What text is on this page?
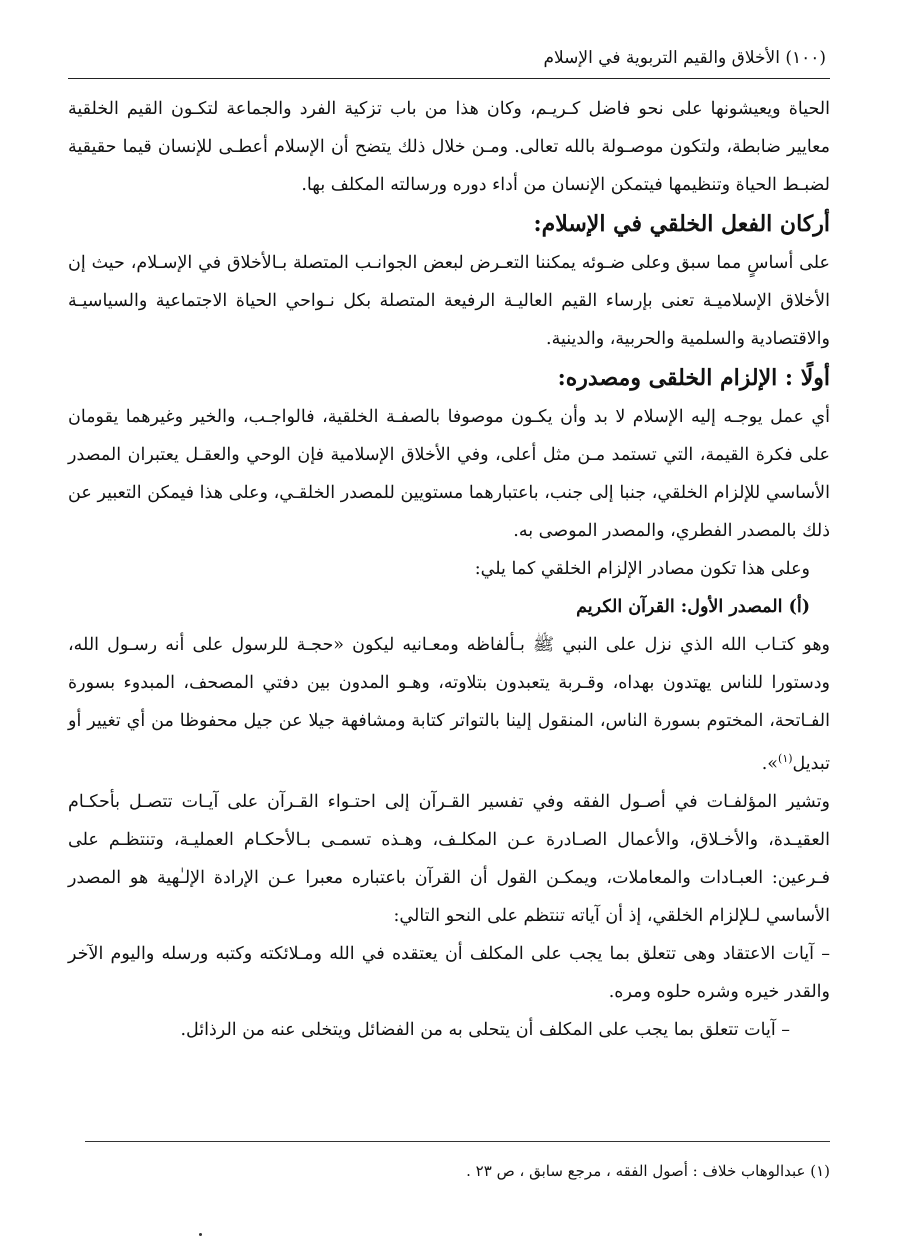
(١٠٠) الأخلاق والقيم التربوية في الإسلام

الحياة ويعيشونها على نحو فاضل كـريـم، وكان هذا من باب تزكية الفرد والجماعة لتكـون القيم الخلقية معايير ضابطة، ولتكون موصـولة بالله تعالى. ومـن خلال ذلك يتضح أن الإسلام أعطـى للإنسان قيما حقيقية لضبـط الحياة وتنظيمها فيتمكن الإنسان من أداء دوره ورسالته المكلف بها.

أركان الفعل الخلقي في الإسلام:

على أساسٍ مما سبق وعلى ضـوئه يمكننا التعـرض لبعض الجوانـب المتصلة بـالأخلاق في الإسـلام، حيث إن الأخلاق الإسلاميـة تعنى بإرساء القيم العاليـة الرفيعة المتصلة بكل نـواحي الحياة الاجتماعية والسياسيـة والاقتصادية والسلمية والحربية، والدينية.

أولًا : الإلزام الخلقى ومصدره:

أي عمل يوجـه إليه الإسلام لا بد وأن يكـون موصوفا بالصفـة الخلقية، فالواجـب، والخير وغيرهما يقومان على فكرة القيمة، التي تستمد مـن مثل أعلى، وفي الأخلاق الإسلامية فإن الوحي والعقـل يعتبران المصدر الأساسي للإلزام الخلقي، جنبا إلى جنب، باعتبارهما مستويين للمصدر الخلقـي، وعلى هذا فيمكن التعبير عن ذلك بالمصدر الفطري، والمصدر الموصى به.

وعلى هذا تكون مصادر الإلزام الخلقي كما يلي:

(أ) المصدر الأول: القرآن الكريم

وهو كتـاب الله الذي نزل على النبي ﷺ بـألفاظه ومعـانيه ليكون «حجـة للرسول على أنه رسـول الله، ودستورا للناس يهتدون بهداه، وقـربة يتعبدون بتلاوته، وهـو المدون بين دفتي المصحف، المبدوء بسورة الفـاتحة، المختوم بسورة الناس، المنقول إلينا بالتواتر كتابة ومشافهة جيلا عن جيل محفوظا من أي تغيير أو تبديل$^{(١)}$».

وتشير المؤلفـات في أصـول الفقه وفي تفسير القـرآن إلى احتـواء القـرآن على آيـات تتصـل بأحكـام العقيـدة، والأخـلاق، والأعمال الصـادرة عـن المكلـف، وهـذه تسمـى بـالأحكـام العمليـة، وتنتظـم على فـرعين: العبـادات والمعاملات، ويمكـن القول أن القرآن باعتباره معبرا عـن الإرادة الإلـٰهية هو المصدر الأساسي لـلإلزام الخلقي، إذ أن آياته تنتظم على النحو التالي:

– آيات الاعتقاد وهى تتعلق بما يجب على المكلف أن يعتقده في الله ومـلائكته وكتبه ورسله واليوم الآخر والقدر خيره وشره حلوه ومره.

– آيات تتعلق بما يجب على المكلف أن يتحلى به من الفضائل ويتخلى عنه من الرذائل.

(١) عبدالوهاب خلاف : أصول الفقه ، مرجع سابق ، ص ٢٣ .
